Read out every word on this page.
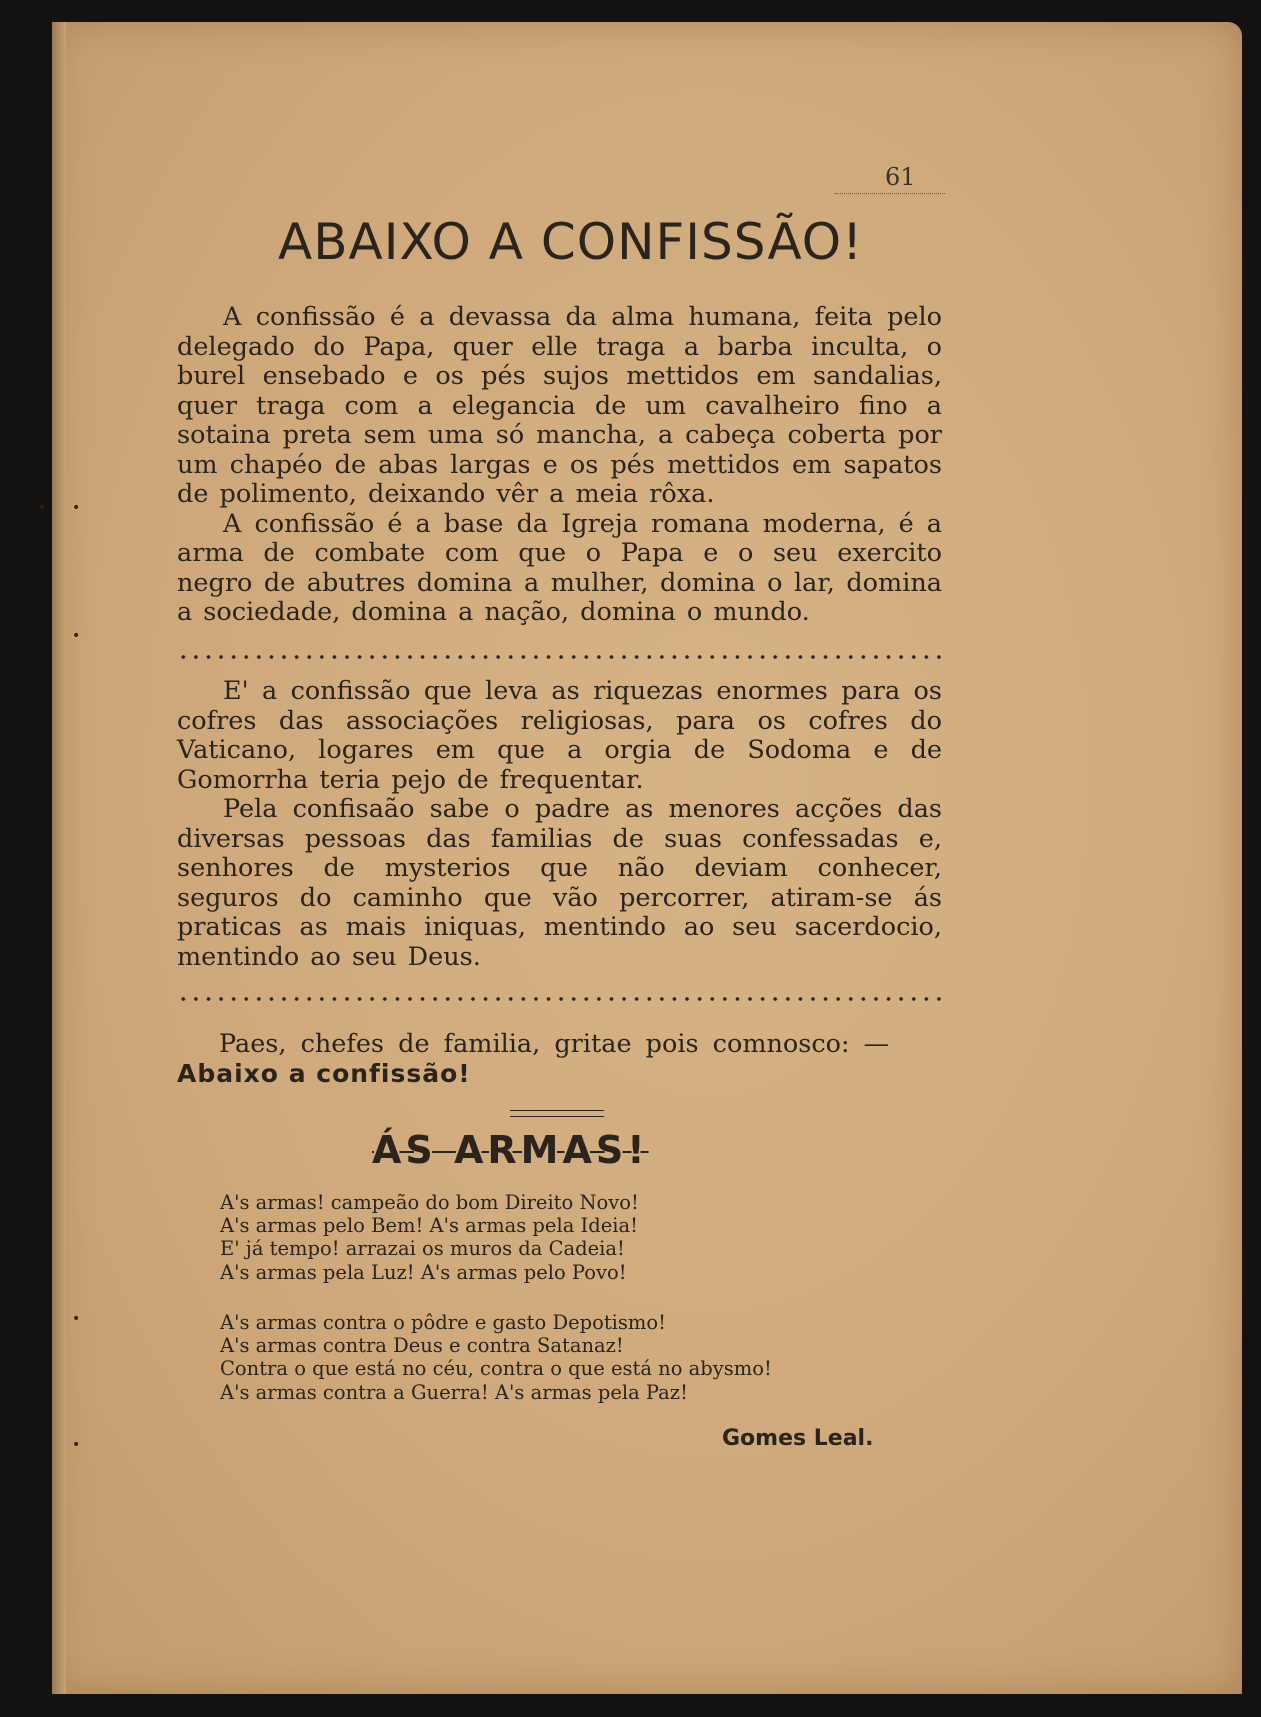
• •
•
•
•
61
ABAIXO A CONFISSÃO!

A confissão é a devassa da alma humana, feita pelo delegado do Papa, quer elle traga a barba inculta, o burel ensebado e os pés sujos mettidos em sandalias, quer traga com a elegancia de um cavalheiro fino a sotaina preta sem uma só mancha, a cabeça coberta por um chapéo de abas largas e os pés mettidos em sapatos de polimento, deixando vêr a meia rôxa.

A confissão é a base da Igreja romana moderna, é a arma de combate com que o Papa e o seu exercito negro de abutres domina a mulher, domina o lar, domina a sociedade, domina a nação, domina o mundo.

E' a confissão que leva as riquezas enormes para os cofres das associações religiosas, para os cofres do Vaticano, logares em que a orgia de Sodoma e de Gomorrha teria pejo de frequentar.

Pela confisaão sabe o padre as menores acções das diversas pessoas das familias de suas confessadas e, senhores de mysterios que não deviam conhecer, seguros do caminho que vão percorrer, atiram-se ás praticas as mais iniquas, mentindo ao seu sacerdocio, mentindo ao seu Deus.

Paes, chefes de familia, gritae pois comnosco: —

Abaixo a confissão!

ÁS ARMAS!
A's armas! campeão do bom Direito Novo!
A's armas pelo Bem! A's armas pela Ideia!
E' já tempo! arrazai os muros da Cadeia!
A's armas pela Luz! A's armas pelo Povo!
A's armas contra o pôdre e gasto Depotismo!
A's armas contra Deus e contra Satanaz!
Contra o que está no céu, contra o que está no abysmo!
A's armas contra a Guerra! A's armas pela Paz!
Gomes Leal.
